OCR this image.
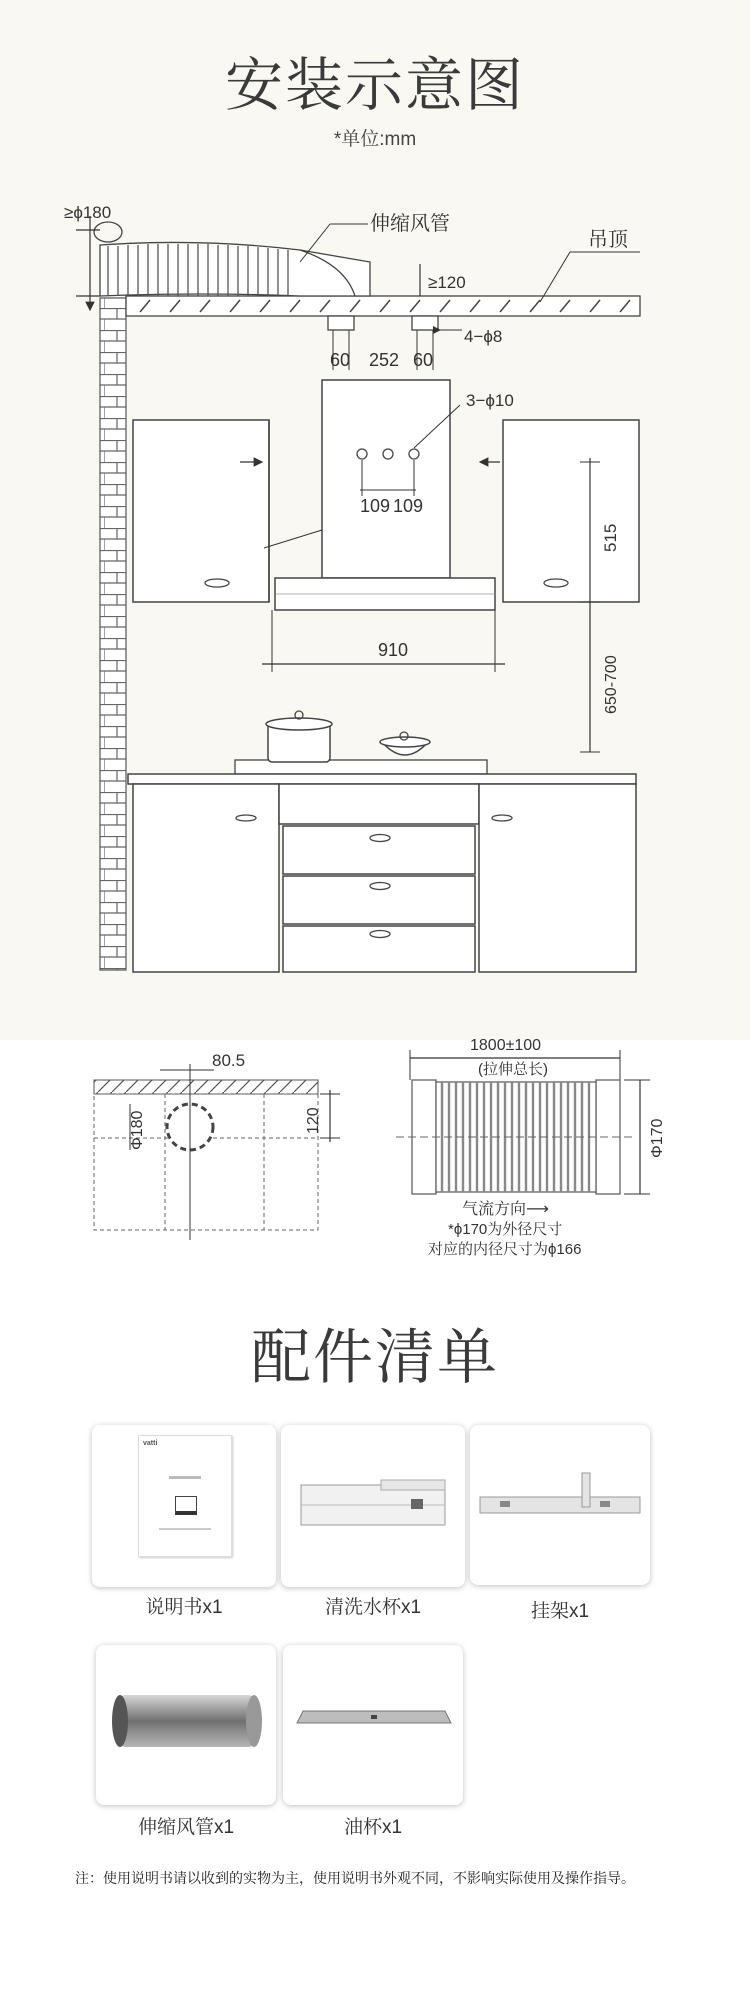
安装示意图
*单位:mm
≥ϕ180
伸缩风管
吊顶
≥120
4−ϕ8
60 252 60
3−ϕ10
109 109
515
650-700
910
80.5
Φ180	120
1800±100
(拉伸总长)
Φ170
气流方向⟶
*ϕ170为外径尺寸
对应的内径尺寸为ϕ166
配件清单
vatti
说明书x1	清洗水杯x1	挂架x1
伸缩风管x1	油杯x1
注：使用说明书请以收到的实物为主，使用说明书外观不同，不影响实际使用及操作指导。
